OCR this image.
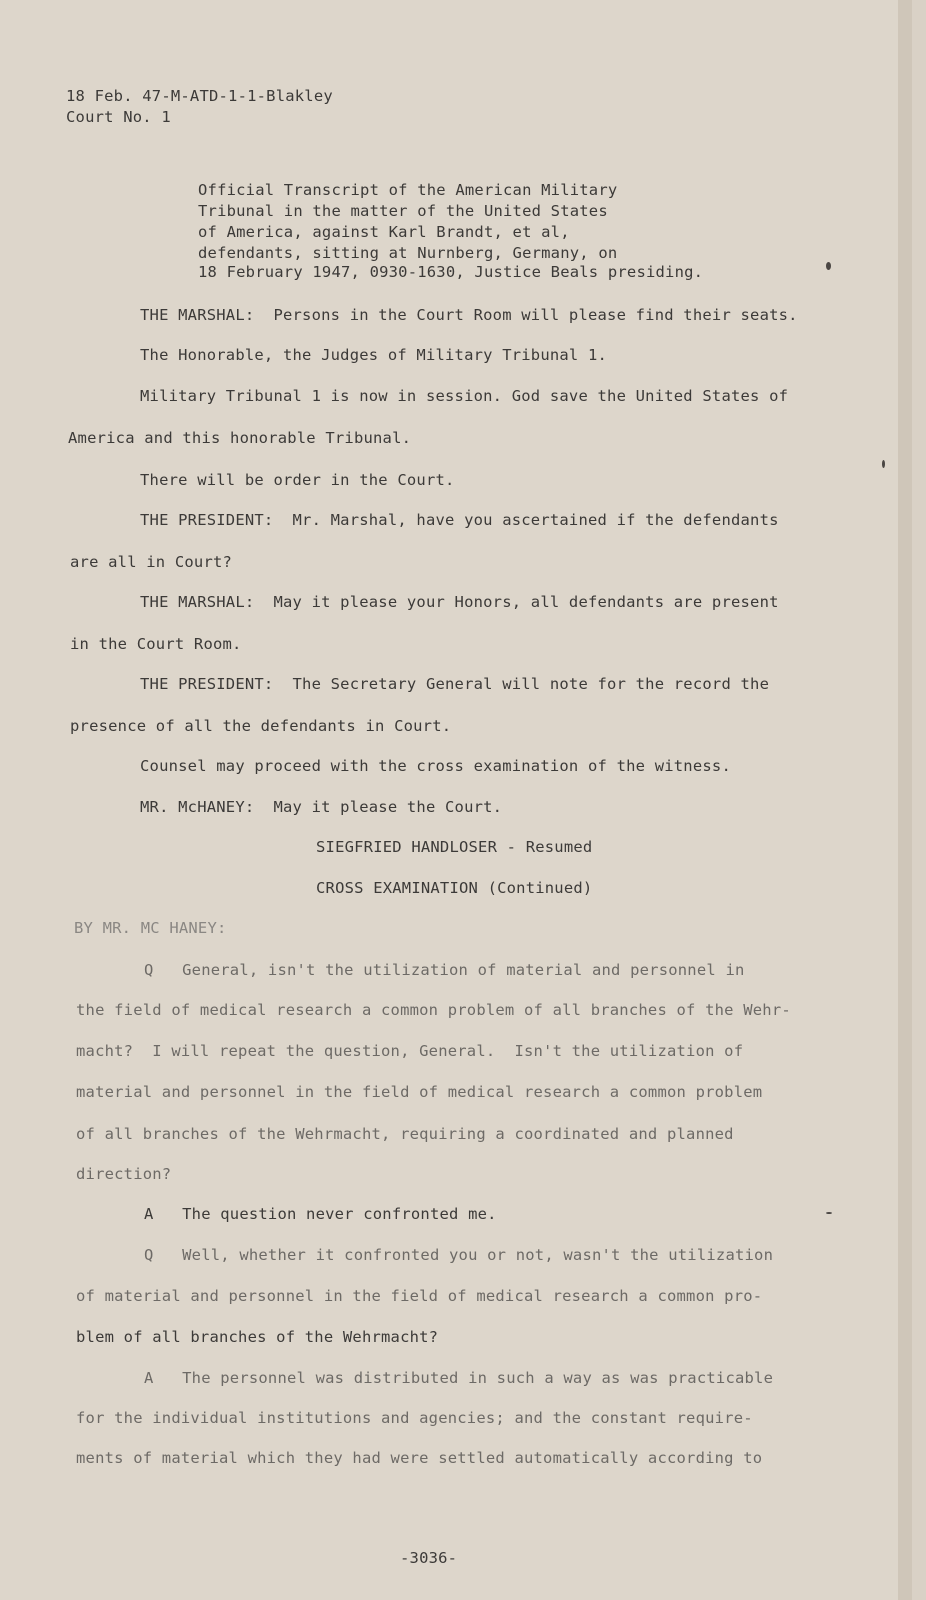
18 Feb. 47-M-ATD-1-1-Blakley
Court No. 1
Official Transcript of the American Military
Tribunal in the matter of the United States
of America, against Karl Brandt, et al,
defendants, sitting at Nurnberg, Germany, on
18 February 1947, 0930-1630, Justice Beals presiding.
THE MARSHAL:  Persons in the Court Room will please find their seats.
The Honorable, the Judges of Military Tribunal 1.
Military Tribunal 1 is now in session. God save the United States of
America and this honorable Tribunal.
There will be order in the Court.
THE PRESIDENT:  Mr. Marshal, have you ascertained if the defendants
are all in Court?
THE MARSHAL:  May it please your Honors, all defendants are present
in the Court Room.
THE PRESIDENT:  The Secretary General will note for the record the
presence of all the defendants in Court.
Counsel may proceed with the cross examination of the witness.
MR. McHANEY:  May it please the Court.
SIEGFRIED HANDLOSER - Resumed
CROSS EXAMINATION (Continued)
BY MR. MC HANEY:
Q   General, isn't the utilization of material and personnel in
the field of medical research a common problem of all branches of the Wehr-
macht?  I will repeat the question, General.  Isn't the utilization of
material and personnel in the field of medical research a common problem
of all branches of the Wehrmacht, requiring a coordinated and planned
direction?
A   The question never confronted me.
Q   Well, whether it confronted you or not, wasn't the utilization
of material and personnel in the field of medical research a common pro-
blem of all branches of the Wehrmacht?
A   The personnel was distributed in such a way as was practicable
for the individual institutions and agencies; and the constant require-
ments of material which they had were settled automatically according to
-3036-
